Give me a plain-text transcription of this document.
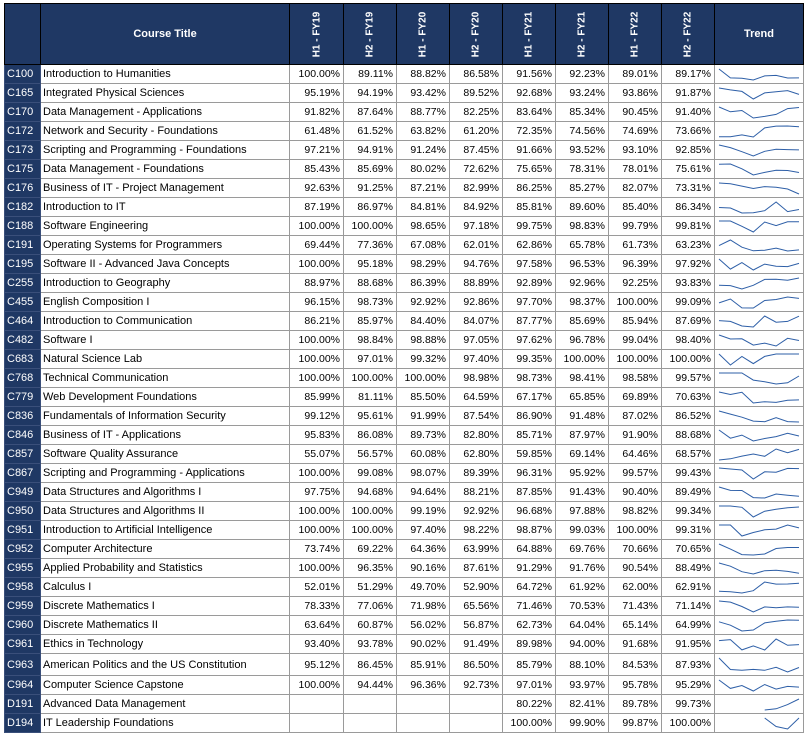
	Course Title	H1 - FY19	H2 - FY19	H1 - FY20	H2 - FY20	H1 - FY21	H2 - FY21	H1 - FY22	H2 - FY22	Trend
C100	Introduction to Humanities	100.00%	89.11%	88.82%	86.58%	91.56%	92.23%	89.01%	89.17%	

C165	Integrated Physical Sciences	95.19%	94.19%	93.42%	89.52%	92.68%	93.24%	93.86%	91.87%	

C170	Data Management - Applications	91.82%	87.64%	88.77%	82.25%	83.64%	85.34%	90.45%	91.40%	

C172	Network and Security - Foundations	61.48%	61.52%	63.82%	61.20%	72.35%	74.56%	74.69%	73.66%	

C173	Scripting and Programming - Foundations	97.21%	94.91%	91.24%	87.45%	91.66%	93.52%	93.10%	92.85%	

C175	Data Management - Foundations	85.43%	85.69%	80.02%	72.62%	75.65%	78.31%	78.01%	75.61%	

C176	Business of IT - Project Management	92.63%	91.25%	87.21%	82.99%	86.25%	85.27%	82.07%	73.31%	

C182	Introduction to IT	87.19%	86.97%	84.81%	84.92%	85.81%	89.60%	85.40%	86.34%	

C188	Software Engineering	100.00%	100.00%	98.65%	97.18%	99.75%	98.83%	99.79%	99.81%	

C191	Operating Systems for Programmers	69.44%	77.36%	67.08%	62.01%	62.86%	65.78%	61.73%	63.23%	

C195	Software II - Advanced Java Concepts	100.00%	95.18%	98.29%	94.76%	97.58%	96.53%	96.39%	97.92%	

C255	Introduction to Geography	88.97%	88.68%	86.39%	88.89%	92.89%	92.96%	92.25%	93.83%	

C455	English Composition I	96.15%	98.73%	92.92%	92.86%	97.70%	98.37%	100.00%	99.09%	

C464	Introduction to Communication	86.21%	85.97%	84.40%	84.07%	87.77%	85.69%	85.94%	87.69%	

C482	Software I	100.00%	98.84%	98.88%	97.05%	97.62%	96.78%	99.04%	98.40%	

C683	Natural Science Lab	100.00%	97.01%	99.32%	97.40%	99.35%	100.00%	100.00%	100.00%	

C768	Technical Communication	100.00%	100.00%	100.00%	98.98%	98.73%	98.41%	98.58%	99.57%	

C779	Web Development Foundations	85.99%	81.11%	85.50%	64.59%	67.17%	65.85%	69.89%	70.63%	

C836	Fundamentals of Information Security	99.12%	95.61%	91.99%	87.54%	86.90%	91.48%	87.02%	86.52%	

C846	Business of IT - Applications	95.83%	86.08%	89.73%	82.80%	85.71%	87.97%	91.90%	88.68%	

C857	Software Quality Assurance	55.07%	56.57%	60.08%	62.80%	59.85%	69.14%	64.46%	68.57%	

C867	Scripting and Programming - Applications	100.00%	99.08%	98.07%	89.39%	96.31%	95.92%	99.57%	99.43%	

C949	Data Structures and Algorithms I	97.75%	94.68%	94.64%	88.21%	87.85%	91.43%	90.40%	89.49%	

C950	Data Structures and Algorithms II	100.00%	100.00%	99.19%	92.92%	96.68%	97.88%	98.82%	99.34%	

C951	Introduction to Artificial Intelligence	100.00%	100.00%	97.40%	98.22%	98.87%	99.03%	100.00%	99.31%	

C952	Computer Architecture	73.74%	69.22%	64.36%	63.99%	64.88%	69.76%	70.66%	70.65%	

C955	Applied Probability and Statistics	100.00%	96.35%	90.16%	87.61%	91.29%	91.76%	90.54%	88.49%	

C958	Calculus I	52.01%	51.29%	49.70%	52.90%	64.72%	61.92%	62.00%	62.91%	

C959	Discrete Mathematics I	78.33%	77.06%	71.98%	65.56%	71.46%	70.53%	71.43%	71.14%	

C960	Discrete Mathematics II	63.64%	60.87%	56.02%	56.87%	62.73%	64.04%	65.14%	64.99%	

C961	Ethics in Technology	93.40%	93.78%	90.02%	91.49%	89.98%	94.00%	91.68%	91.95%	

C963	American Politics and the US Constitution	95.12%	86.45%	85.91%	86.50%	85.79%	88.10%	84.53%	87.93%	

C964	Computer Science Capstone	100.00%	94.44%	96.36%	92.73%	97.01%	93.97%	95.78%	95.29%	

D191	Advanced Data Management					80.22%	82.41%	89.78%	99.73%	

D194	IT Leadership Foundations					100.00%	99.90%	99.87%	100.00%	
